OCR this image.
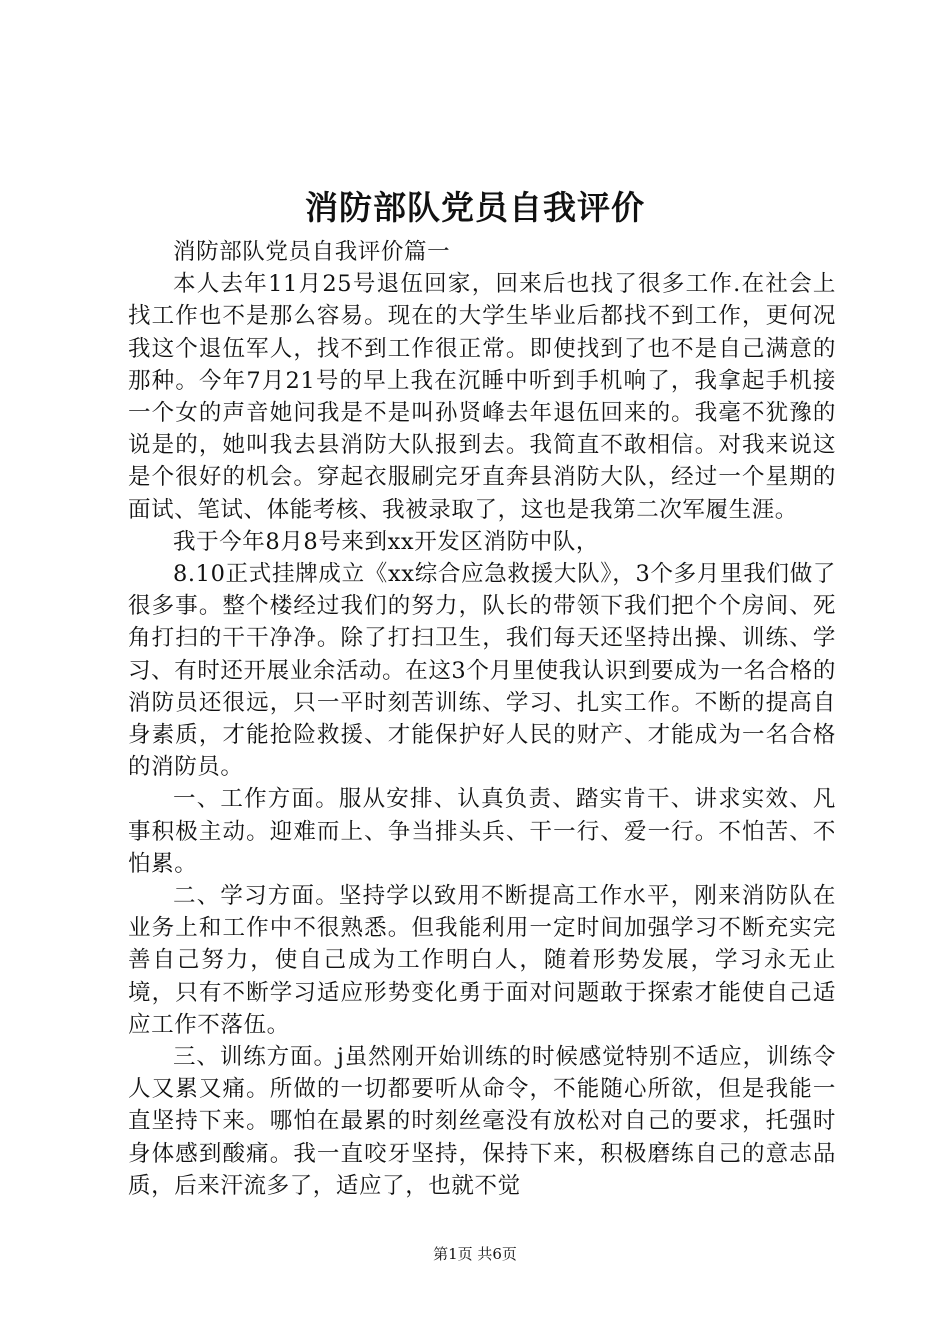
消防部队党员自我评价

消防部队党员自我评价篇一

本人去年11月25号退伍回家，回来后也找了很多工作.在社会上找工作也不是那么容易。现在的大学生毕业后都找不到工作，更何况我这个退伍军人，找不到工作很正常。即使找到了也不是自己满意的那种。今年7月21号的早上我在沉睡中听到手机响了，我拿起手机接一个女的声音她问我是不是叫孙贤峰去年退伍回来的。我毫不犹豫的说是的，她叫我去县消防大队报到去。我简直不敢相信。对我来说这是个很好的机会。穿起衣服刷完牙直奔县消防大队，经过一个星期的面试、笔试、体能考核、我被录取了，这也是我第二次军履生涯。

我于今年8月8号来到xx开发区消防中队，

8.10正式挂牌成立《xx综合应急救援大队》，3个多月里我们做了很多事。整个楼经过我们的努力，队长的带领下我们把个个房间、死角打扫的干干净净。除了打扫卫生，我们每天还坚持出操、训练、学习、有时还开展业余活动。在这3个月里使我认识到要成为一名合格的消防员还很远，只一平时刻苦训练、学习、扎实工作。不断的提高自身素质，才能抢险救援、才能保护好人民的财产、才能成为一名合格的消防员。

一、工作方面。服从安排、认真负责、踏实肯干、讲求实效、凡事积极主动。迎难而上、争当排头兵、干一行、爱一行。不怕苦、不怕累。

二、学习方面。坚持学以致用不断提高工作水平，刚来消防队在业务上和工作中不很熟悉。但我能利用一定时间加强学习不断充实完善自己努力，使自己成为工作明白人，随着形势发展，学习永无止境，只有不断学习适应形势变化勇于面对问题敢于探索才能使自己适应工作不落伍。

三、训练方面。j虽然刚开始训练的时候感觉特别不适应，训练令人又累又痛。所做的一切都要听从命令，不能随心所欲，但是我能一直坚持下来。哪怕在最累的时刻丝毫没有放松对自己的要求，托强时身体感到酸痛。我一直咬牙坚持，保持下来，积极磨练自己的意志品质，后来汗流多了，适应了，也就不觉

第1页 共6页
